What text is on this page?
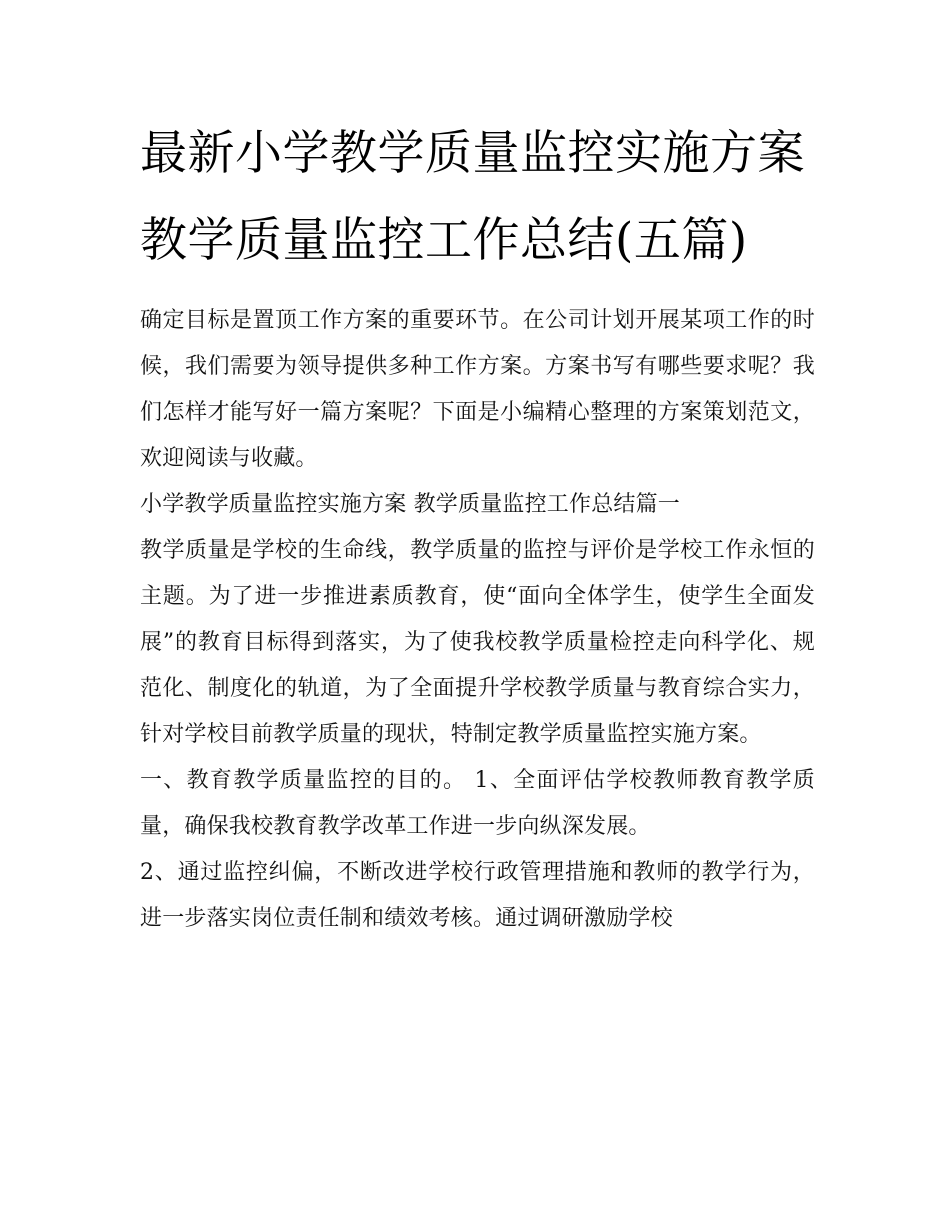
最新小学教学质量监控实施方案 教学质量监控工作总结(五篇)

确定目标是置顶工作方案的重要环节。在公司计划开展某项工作的时候，我们需要为领导提供多种工作方案。方案书写有哪些要求呢？我们怎样才能写好一篇方案呢？下面是小编精心整理的方案策划范文，欢迎阅读与收藏。

小学教学质量监控实施方案 教学质量监控工作总结篇一

教学质量是学校的生命线，教学质量的监控与评价是学校工作永恒的主题。为了进一步推进素质教育，使“面向全体学生，使学生全面发展”的教育目标得到落实，为了使我校教学质量检控走向科学化、规范化、制度化的轨道，为了全面提升学校教学质量与教育综合实力，针对学校目前教学质量的现状，特制定教学质量监控实施方案。

一、教育教学质量监控的目的。 1、全面评估学校教师教育教学质量，确保我校教育教学改革工作进一步向纵深发展。

2、通过监控纠偏，不断改进学校行政管理措施和教师的教学行为，进一步落实岗位责任制和绩效考核。通过调研激励学校
